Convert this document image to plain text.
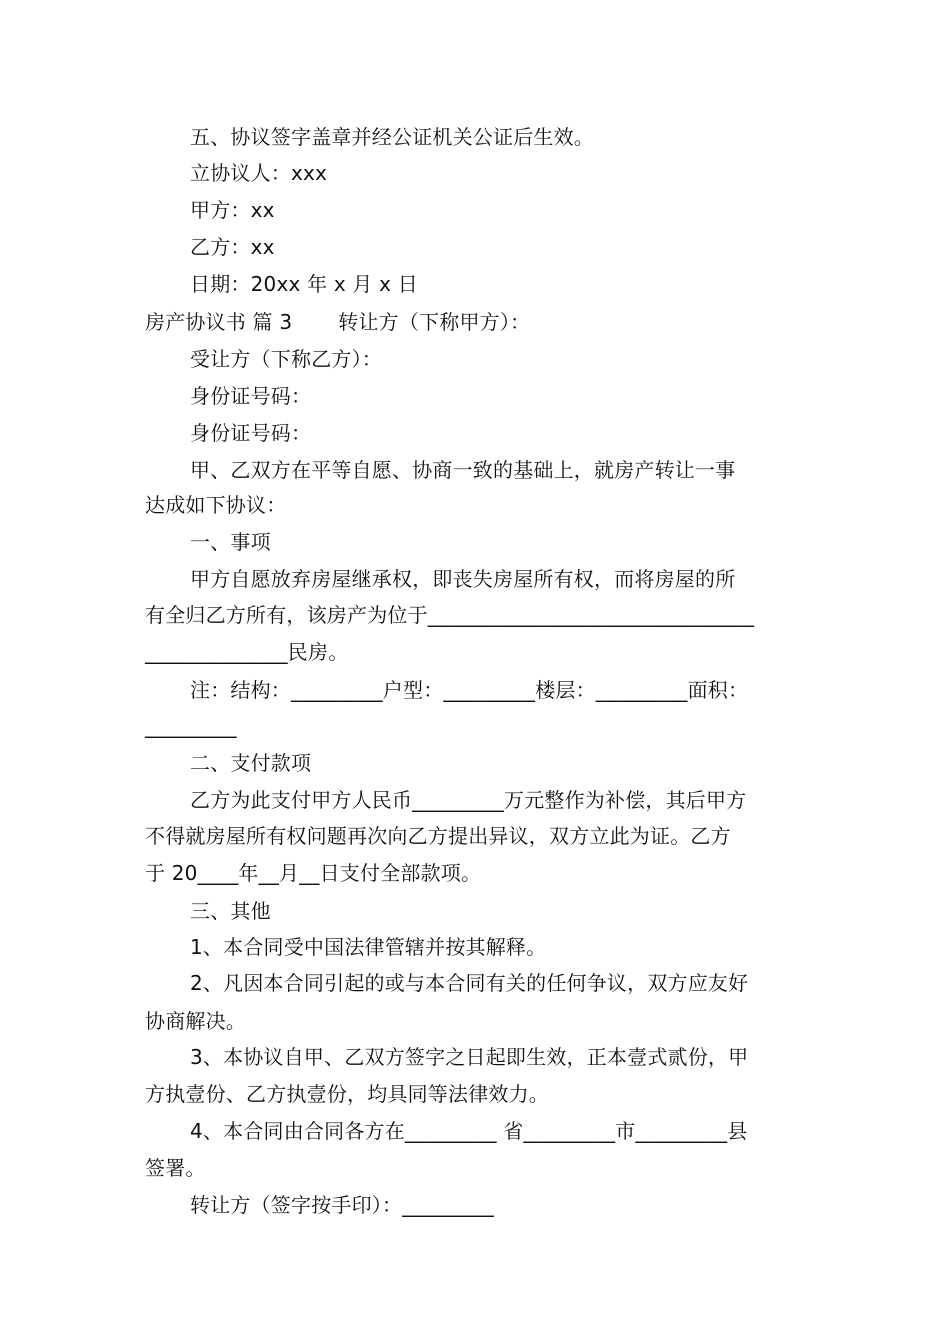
五、协议签字盖章并经公证机关公证后生效。
立协议人：xxx
甲方：xx
乙方：xx
日期：20xx 年 x 月 x 日
房产协议书 篇 3 转让方（下称甲方）：
受让方（下称乙方）：
身份证号码：
身份证号码：
甲、乙双方在平等自愿、协商一致的基础上，就房产转让一事
达成如下协议：
一、事项
甲方自愿放弃房屋继承权，即丧失房屋所有权，而将房屋的所
有全归乙方所有，该房产为位于________________________________
______________民房。
注：结构：_________户型：_________楼层：_________面积：
_________
二、支付款项
乙方为此支付甲方人民币_________万元整作为补偿，其后甲方
不得就房屋所有权问题再次向乙方提出异议，双方立此为证。乙方
于 20____年__月__日支付全部款项。
三、其他
1、本合同受中国法律管辖并按其解释。
2、凡因本合同引起的或与本合同有关的任何争议，双方应友好
协商解决。
3、本协议自甲、乙双方签字之日起即生效，正本壹式贰份，甲
方执壹份、乙方执壹份，均具同等法律效力。
4、本合同由合同各方在_________ 省_________市_________县
签署。
转让方（签字按手印）：_________
